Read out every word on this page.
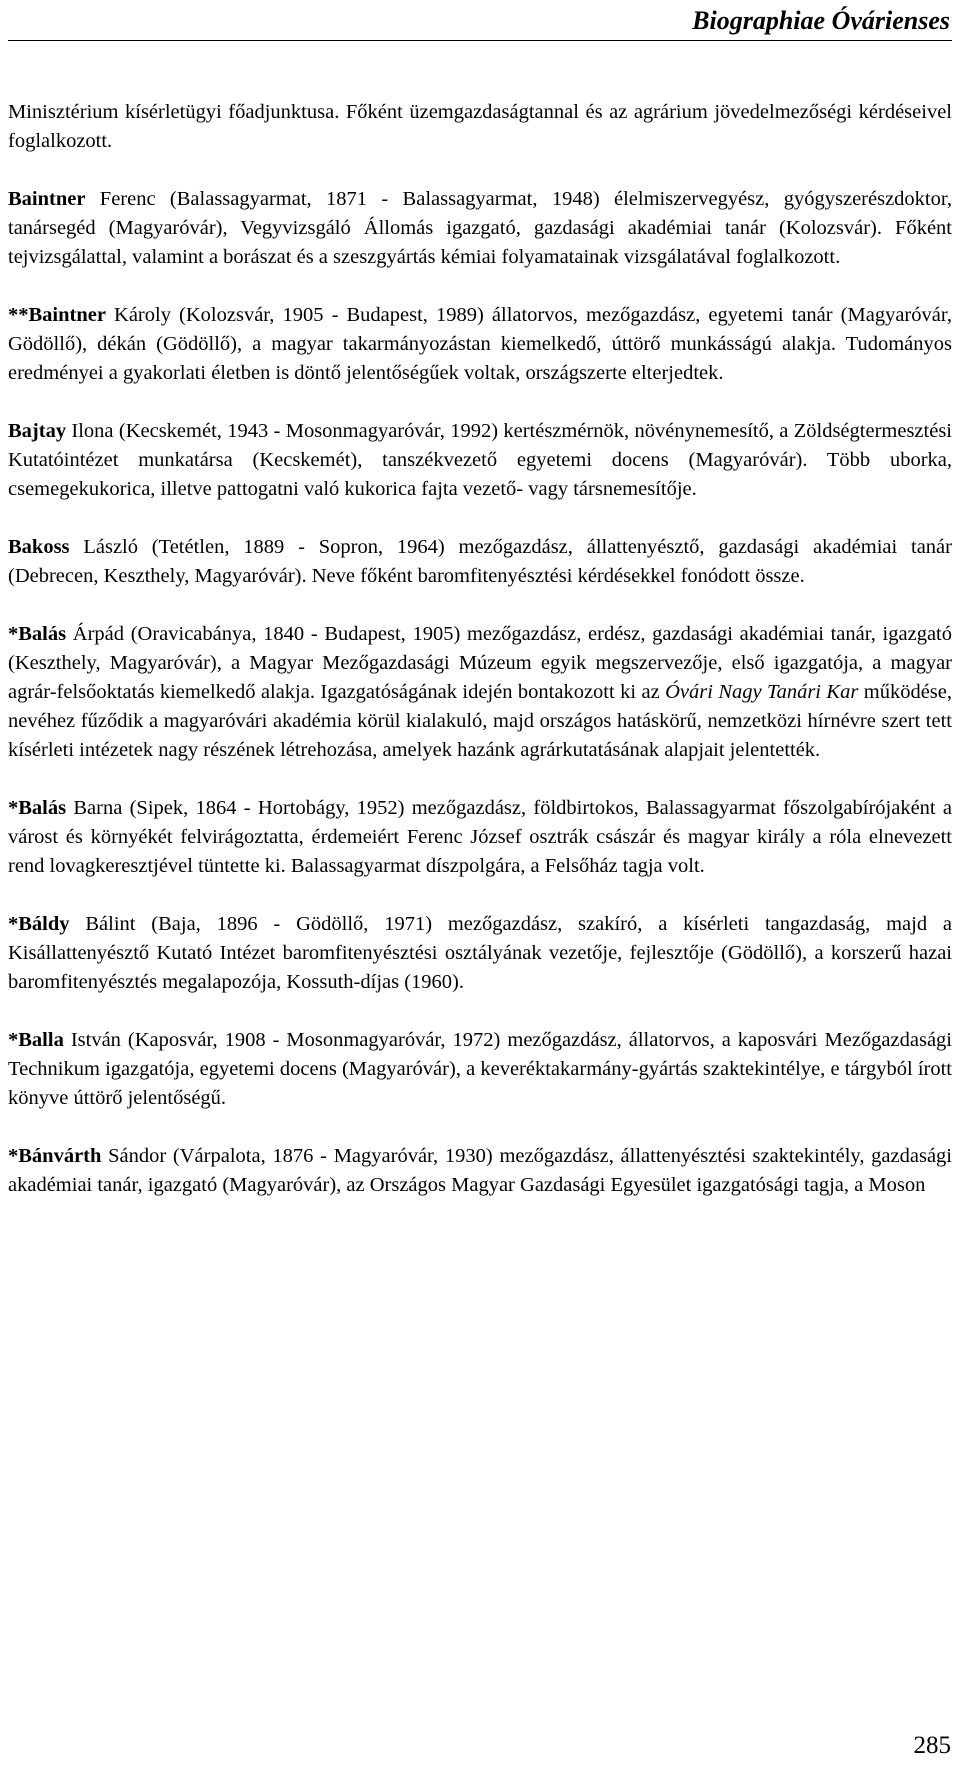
Biographiae Óvárienses

Minisztérium kísérletügyi főadjunktusa. Főként üzemgazdaságtannal és az agrárium jövedelmezőségi kérdéseivel foglalkozott.

Baintner Ferenc (Balassagyarmat, 1871 - Balassagyarmat, 1948) élelmiszervegyész, gyógyszerészdoktor, tanársegéd (Magyaróvár), Vegyvizsgáló Állomás igazgató, gazdasági akadémiai tanár (Kolozsvár). Főként tejvizsgálattal, valamint a borászat és a szeszgyártás kémiai folyamatainak vizsgálatával foglalkozott.

**Baintner Károly (Kolozsvár, 1905 - Budapest, 1989) állatorvos, mezőgazdász, egyetemi tanár (Magyaróvár, Gödöllő), dékán (Gödöllő), a magyar takarmányozástan kiemelkedő, úttörő munkásságú alakja. Tudományos eredményei a gyakorlati életben is döntő jelentőségűek voltak, országszerte elterjedtek.

Bajtay Ilona (Kecskemét, 1943 - Mosonmagyaróvár, 1992) kertészmérnök, növénynemesítő, a Zöldségtermesztési Kutatóintézet munkatársa (Kecskemét), tanszékvezető egyetemi docens (Magyaróvár). Több uborka, csemegekukorica, illetve pattogatni való kukorica fajta vezető- vagy társnemesítője.

Bakoss László (Tetétlen, 1889 - Sopron, 1964) mezőgazdász, állattenyésztő, gazdasági akadémiai tanár (Debrecen, Keszthely, Magyaróvár). Neve főként baromfitenyésztési kérdésekkel fonódott össze.

*Balás Árpád (Oravicabánya, 1840 - Budapest, 1905) mezőgazdász, erdész, gazdasági akadémiai tanár, igazgató (Keszthely, Magyaróvár), a Magyar Mezőgazdasági Múzeum egyik megszervezője, első igazgatója, a magyar agrár-felsőoktatás kiemelkedő alakja. Igazgatóságának idején bontakozott ki az Óvári Nagy Tanári Kar működése, nevéhez fűződik a magyaróvári akadémia körül kialakuló, majd országos hatáskörű, nemzetközi hírnévre szert tett kísérleti intézetek nagy részének létrehozása, amelyek hazánk agrárkutatásának alapjait jelentették.

*Balás Barna (Sipek, 1864 - Hortobágy, 1952) mezőgazdász, földbirtokos, Balassagyarmat főszolgabírójaként a várost és környékét felvirágoztatta, érdemeiért Ferenc József osztrák császár és magyar király a róla elnevezett rend lovagkeresztjével tüntette ki. Balassagyarmat díszpolgára, a Felsőház tagja volt.

*Báldy Bálint (Baja, 1896 - Gödöllő, 1971) mezőgazdász, szakíró, a kísérleti tangazdaság, majd a Kisállattenyésztő Kutató Intézet baromfitenyésztési osztályának vezetője, fejlesztője (Gödöllő), a korszerű hazai baromfitenyésztés megalapozója, Kossuth-díjas (1960).

*Balla István (Kaposvár, 1908 - Mosonmagyaróvár, 1972) mezőgazdász, állatorvos, a kaposvári Mezőgazdasági Technikum igazgatója, egyetemi docens (Magyaróvár), a keveréktakarmány-gyártás szaktekintélye, e tárgyból írott könyve úttörő jelentőségű.

*Bánvárth Sándor (Várpalota, 1876 - Magyaróvár, 1930) mezőgazdász, állattenyésztési szaktekintély, gazdasági akadémiai tanár, igazgató (Magyaróvár), az Országos Magyar Gazdasági Egyesület igazgatósági tagja, a Moson

285
